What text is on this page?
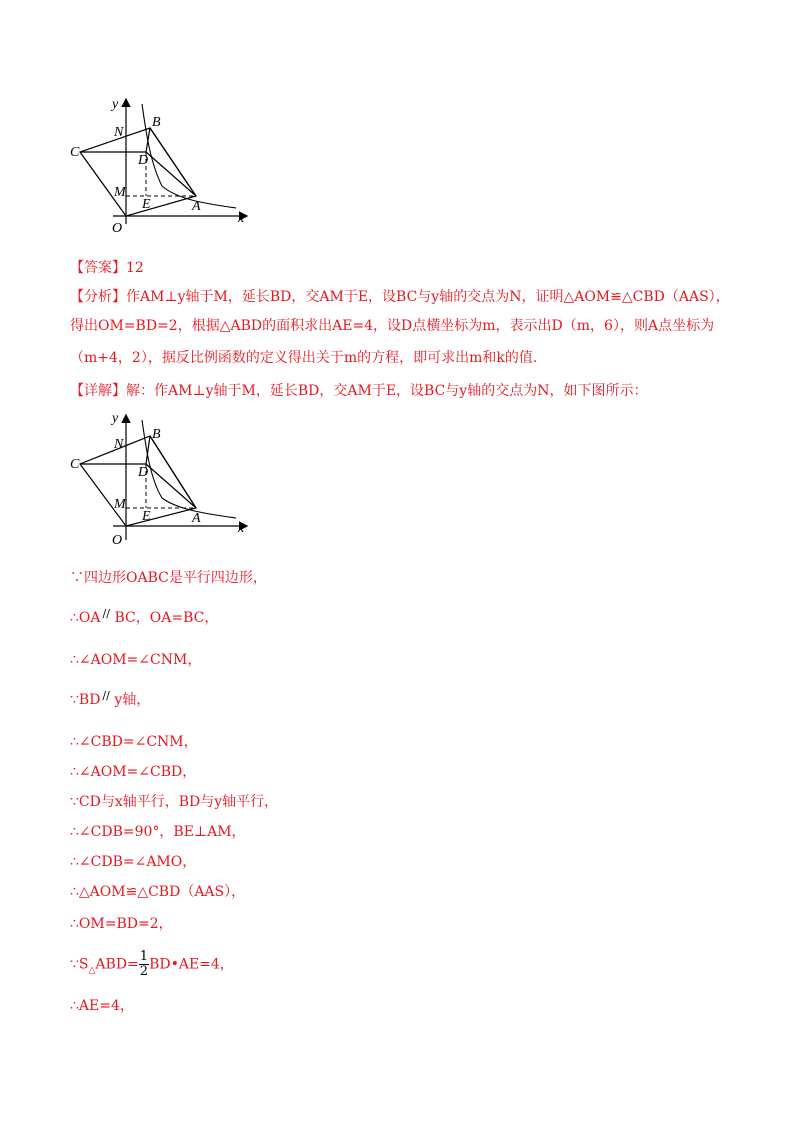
y
x
O
N
B
C
D
M
E	A
【答案】12
【分析】作AM⊥y轴于M，延长BD，交AM于E，设BC与y轴的交点为N，证明△AOM≌△CBD（AAS），
得出OM=BD=2，根据△ABD的面积求出AE=4，设D点横坐标为m，表示出D（m，6），则A点坐标为
（m+4，2），据反比例函数的定义得出关于m的方程，即可求出m和k的值.
【详解】解：作AM⊥y轴于M，延长BD，交AM于E，设BC与y轴的交点为N，如下图所示：
y
x
O
N
B
C
D
M
E	A
∵四边形OABC是平行四边形，
∴OA // BC，OA=BC，
∴∠AOM=∠CNM，
∵BD // y轴，
∴∠CBD=∠CNM，
∴∠AOM=∠CBD，
∵CD与x轴平行，BD与y轴平行，
∴∠CDB=90°，BE⊥AM，
∴∠CDB=∠AMO，
∴△AOM≌△CBD（AAS），
∴OM=BD=2，
$\because S_\triangle ABD= \frac{1}{2}$ BD•AE=4，
∴AE=4，
